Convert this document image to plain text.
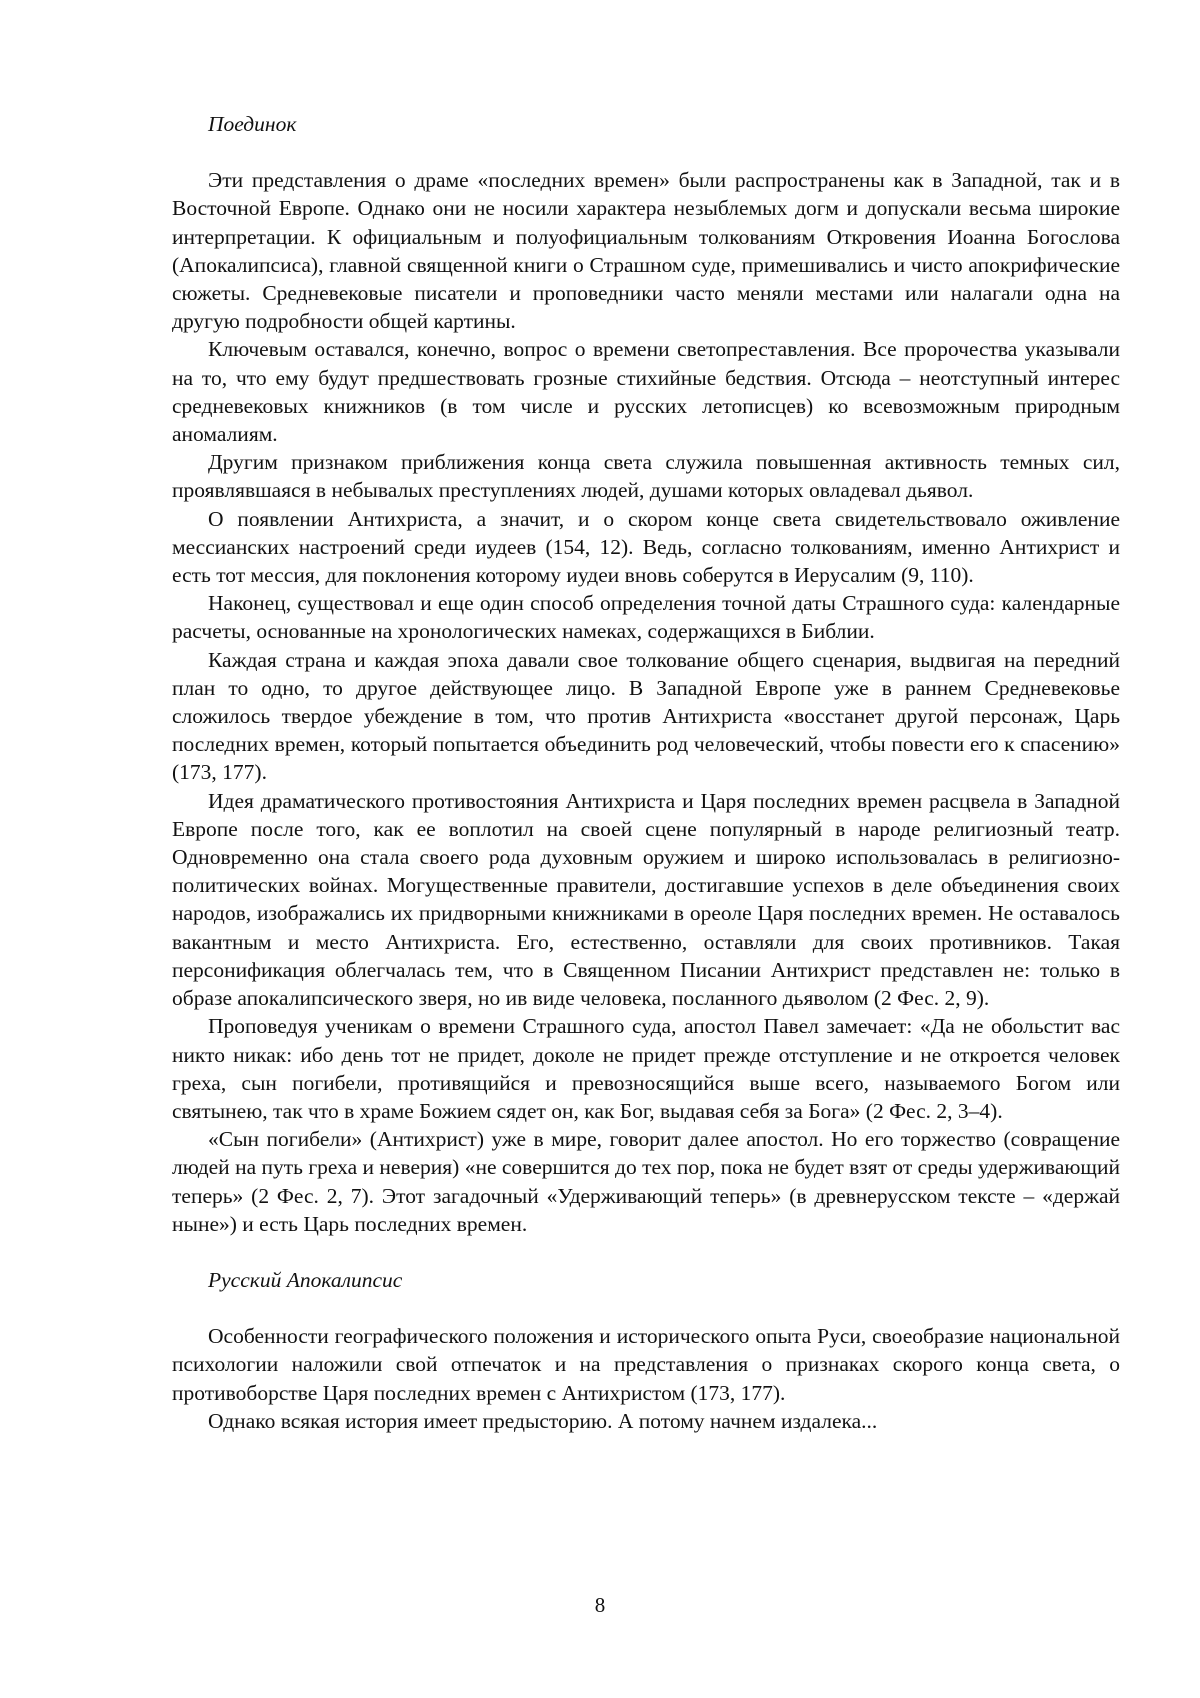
Поединок

Эти представления о драме «последних времен» были распространены как в Западной, так и в Восточной Европе. Однако они не носили характера незыблемых догм и допускали весьма широкие интерпретации. К официальным и полуофициальным толкованиям Откровения Иоанна Богослова (Апокалипсиса), главной священной книги о Страшном суде, примешивались и чисто апокрифические сюжеты. Средневековые писатели и проповедники часто меняли местами или налагали одна на другую подробности общей картины.

Ключевым оставался, конечно, вопрос о времени светопреставления. Все пророчества указывали на то, что ему будут предшествовать грозные стихийные бедствия. Отсюда – неотступный интерес средневековых книжников (в том числе и русских летописцев) ко всевозможным природным аномалиям.

Другим признаком приближения конца света служила повышенная активность темных сил, проявлявшаяся в небывалых преступлениях людей, душами которых овладевал дьявол.

О появлении Антихриста, а значит, и о скором конце света свидетельствовало оживление мессианских настроений среди иудеев (154, 12). Ведь, согласно толкованиям, именно Антихрист и есть тот мессия, для поклонения которому иудеи вновь соберутся в Иерусалим (9, 110).

Наконец, существовал и еще один способ определения точной даты Страшного суда: календарные расчеты, основанные на хронологических намеках, содержащихся в Библии.

Каждая страна и каждая эпоха давали свое толкование общего сценария, выдвигая на передний план то одно, то другое действующее лицо. В Западной Европе уже в раннем Средневековье сложилось твердое убеждение в том, что против Антихриста «восстанет другой персонаж, Царь последних времен, который попытается объединить род человеческий, чтобы повести его к спасению» (173, 177).

Идея драматического противостояния Антихриста и Царя последних времен расцвела в Западной Европе после того, как ее воплотил на своей сцене популярный в народе религиозный театр. Одновременно она стала своего рода духовным оружием и широко использовалась в религиозно-политических войнах. Могущественные правители, достигавшие успехов в деле объединения своих народов, изображались их придворными книжниками в ореоле Царя последних времен. Не оставалось вакантным и место Антихриста. Его, естественно, оставляли для своих противников. Такая персонификация облегчалась тем, что в Священном Писании Антихрист представлен не: только в образе апокалипсического зверя, но ив виде человека, посланного дьяволом (2 Фес. 2, 9).

Проповедуя ученикам о времени Страшного суда, апостол Павел замечает: «Да не обольстит вас никто никак: ибо день тот не придет, доколе не придет прежде отступление и не откроется человек греха, сын погибели, противящийся и превозносящийся выше всего, называемого Богом или святынею, так что в храме Божием сядет он, как Бог, выдавая себя за Бога» (2 Фес. 2, 3–4).

«Сын погибели» (Антихрист) уже в мире, говорит далее апостол. Но его торжество (совращение людей на путь греха и неверия) «не совершится до тех пор, пока не будет взят от среды удерживающий теперь» (2 Фес. 2, 7). Этот загадочный «Удерживающий теперь» (в древнерусском тексте – «держай ныне») и есть Царь последних времен.

Русский Апокалипсис

Особенности географического положения и исторического опыта Руси, своеобразие национальной психологии наложили свой отпечаток и на представления о признаках скорого конца света, о противоборстве Царя последних времен с Антихристом (173, 177).

Однако всякая история имеет предысторию. А потому начнем издалека...

8
